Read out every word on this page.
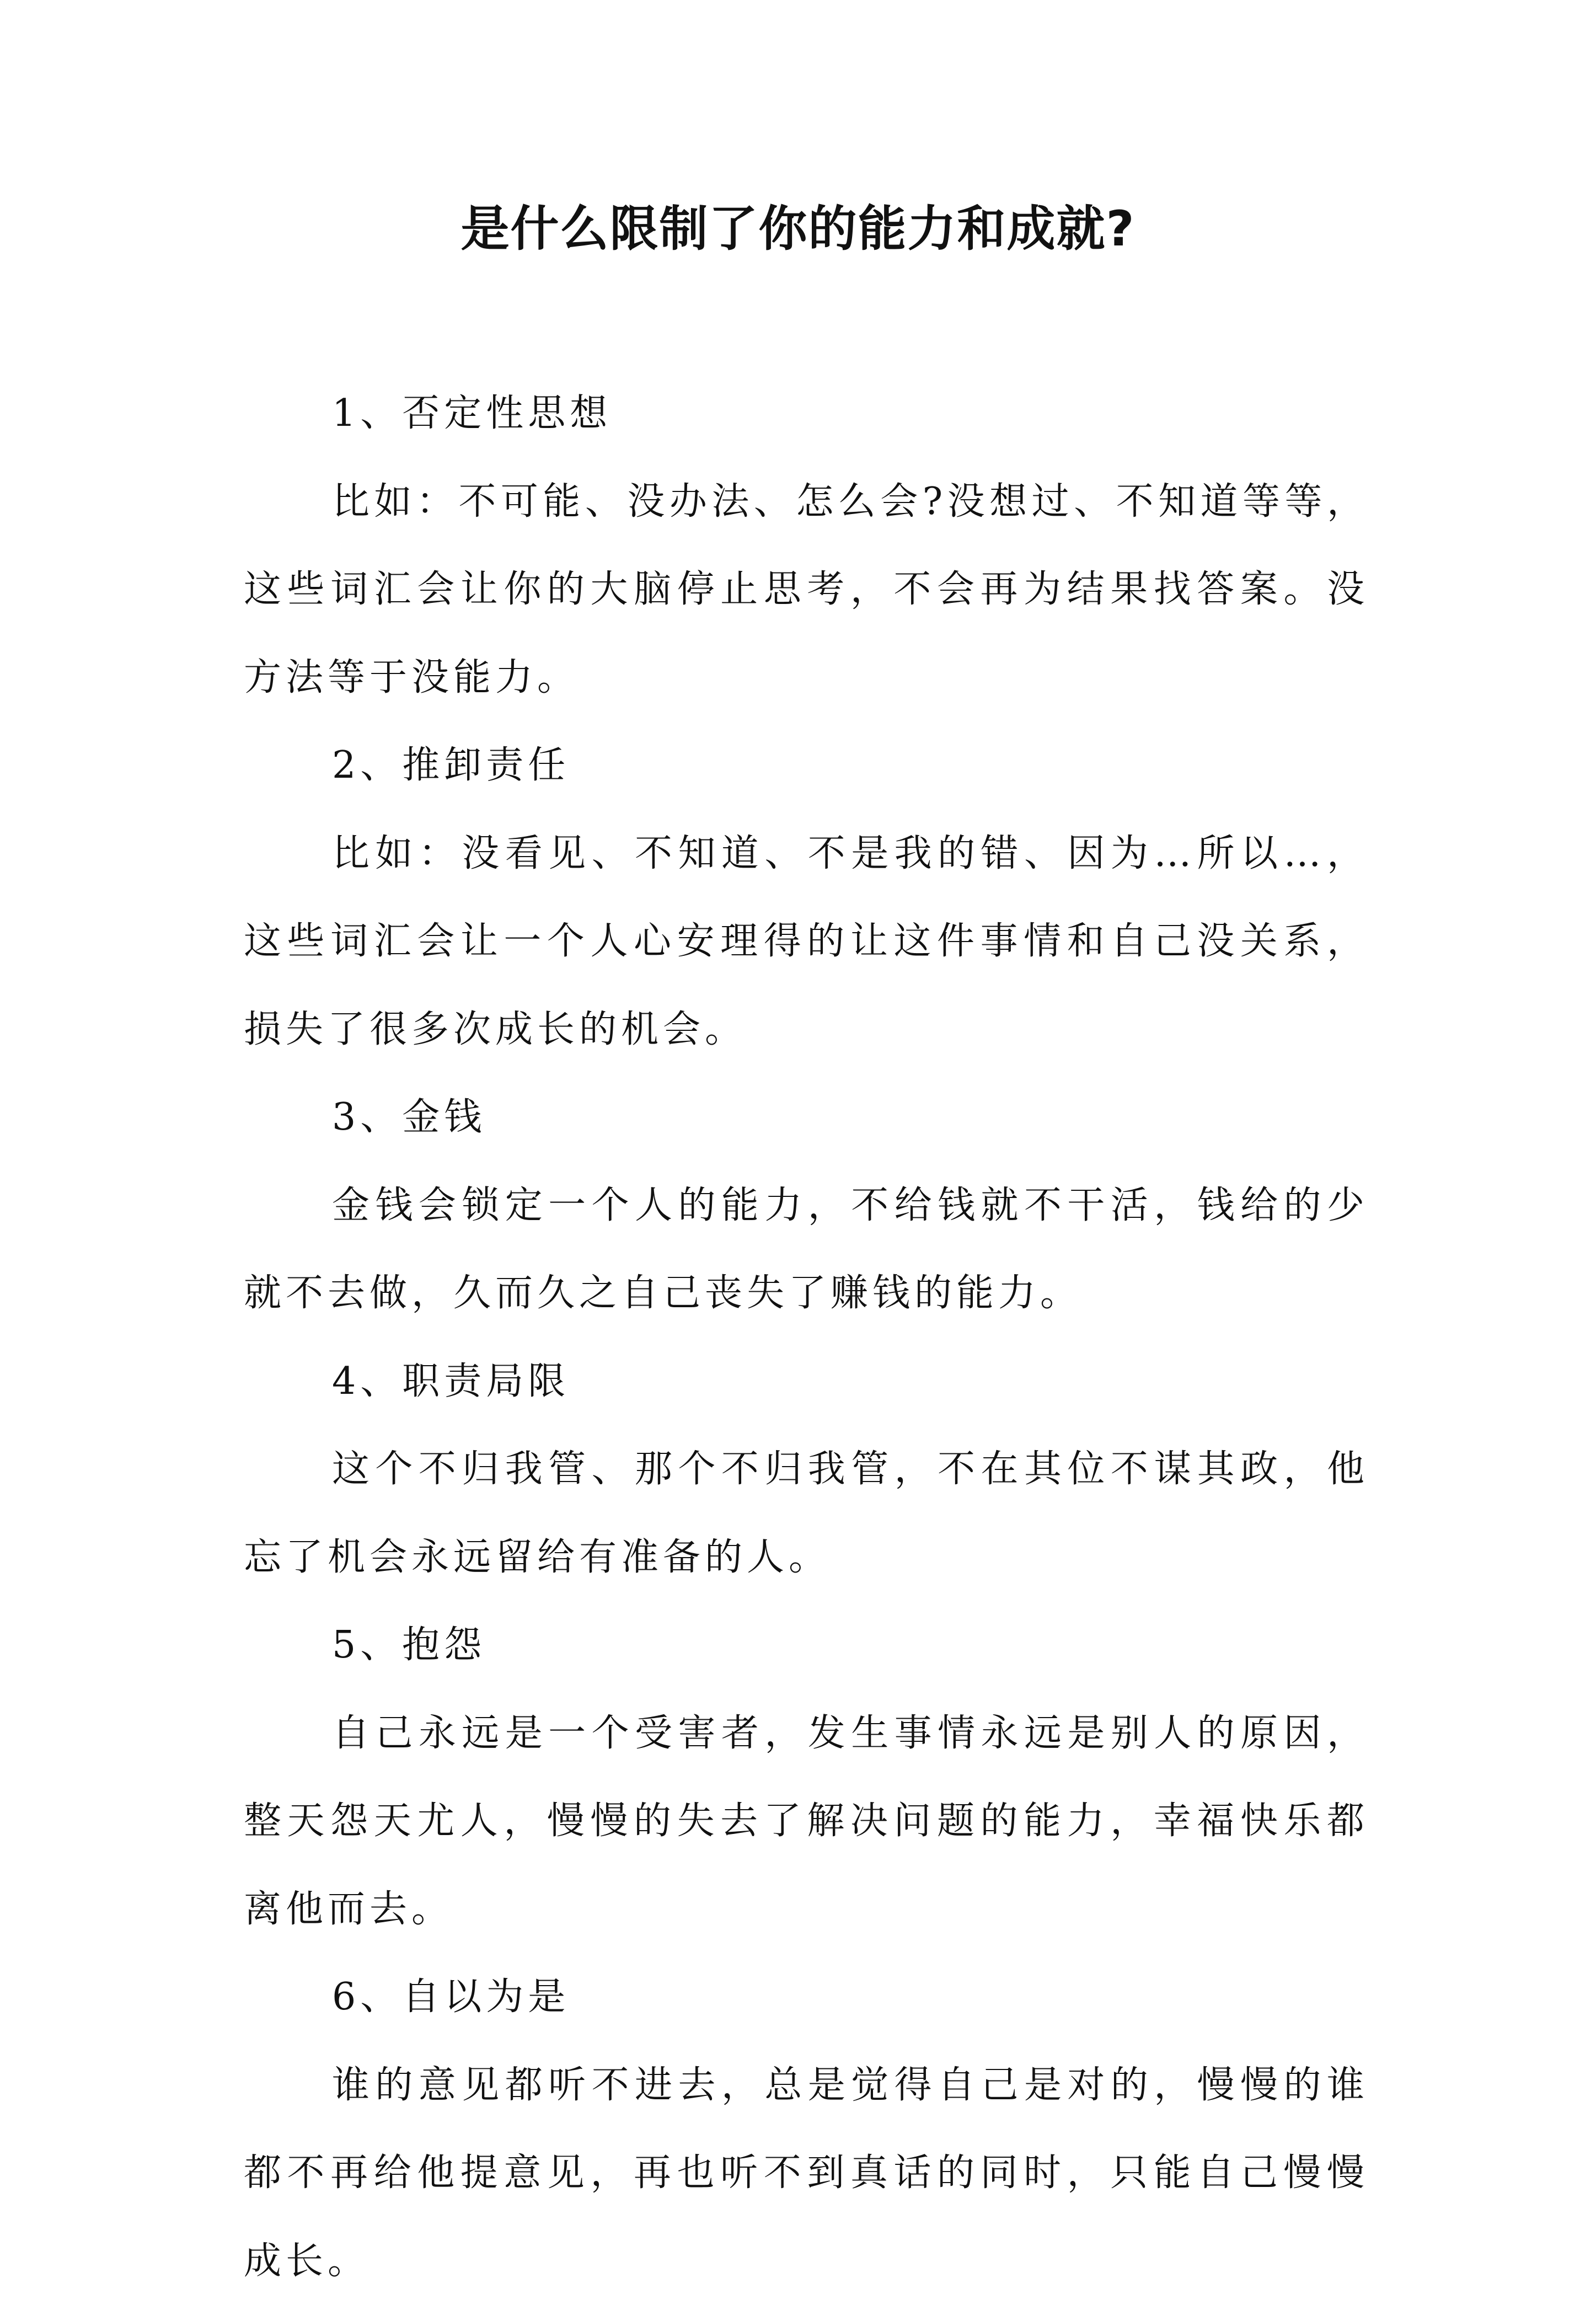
是什么限制了你的能力和成就?

1、否定性思想

比如：不可能、没办法、怎么会?没想过、不知道等等，这些词汇会让你的大脑停止思考，不会再为结果找答案。没方法等于没能力。

2、推卸责任

比如：没看见、不知道、不是我的错、因为…所以…，这些词汇会让一个人心安理得的让这件事情和自己没关系，损失了很多次成长的机会。

3、金钱

金钱会锁定一个人的能力，不给钱就不干活，钱给的少就不去做，久而久之自己丧失了赚钱的能力。

4、职责局限

这个不归我管、那个不归我管，不在其位不谋其政，他忘了机会永远留给有准备的人。

5、抱怨

自己永远是一个受害者，发生事情永远是别人的原因，整天怨天尤人，慢慢的失去了解决问题的能力，幸福快乐都离他而去。

6、自以为是

谁的意见都听不进去，总是觉得自己是对的，慢慢的谁都不再给他提意见，再也听不到真话的同时，只能自己慢慢成长。
